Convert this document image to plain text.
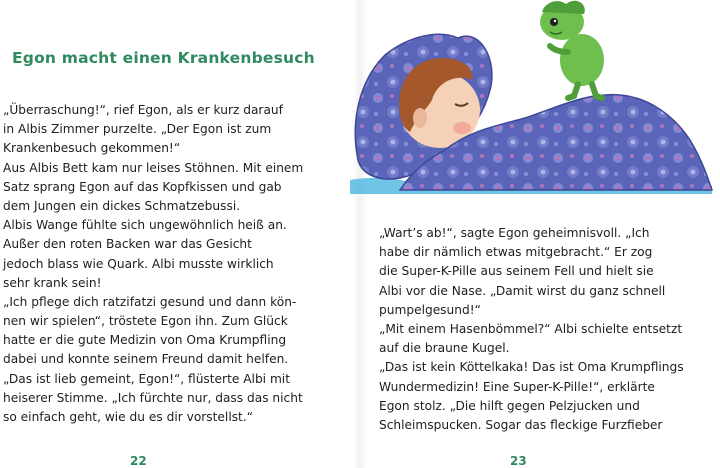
Egon macht einen Krankenbesuch
„Überraschung!“, rief Egon, als er kurz darauf
in Albis Zimmer purzelte. „Der Egon ist zum
Krankenbesuch gekommen!“
Aus Albis Bett kam nur leises Stöhnen. Mit einem
Satz sprang Egon auf das Kopfkissen und gab
dem Jungen ein dickes Schmatzebussi.
Albis Wange fühlte sich ungewöhnlich heiß an.
Außer den roten Backen war das Gesicht
jedoch blass wie Quark. Albi musste wirklich
sehr krank sein!
„Ich pflege dich ratzifatzi gesund und dann kön-
nen wir spielen“, tröstete Egon ihn. Zum Glück
hatte er die gute Medizin von Oma Krumpfling
dabei und konnte seinem Freund damit helfen.
„Das ist lieb gemeint, Egon!“, flüsterte Albi mit
heiserer Stimme. „Ich fürchte nur, dass das nicht
so einfach geht, wie du es dir vorstellst.“

22

„Wart’s ab!“, sagte Egon geheimnisvoll. „Ich
habe dir nämlich etwas mitgebracht.“ Er zog
die Super-K-Pille aus seinem Fell und hielt sie
Albi vor die Nase. „Damit wirst du ganz schnell
pumpelgesund!“
„Mit einem Hasenbömmel?“ Albi schielte entsetzt
auf die braune Kugel.
„Das ist kein Köttelkaka! Das ist Oma Krumpflings
Wundermedizin! Eine Super-K-Pille!“, erklärte
Egon stolz. „Die hilft gegen Pelzjucken und
Schleimspucken. Sogar das fleckige Furzfieber

23
